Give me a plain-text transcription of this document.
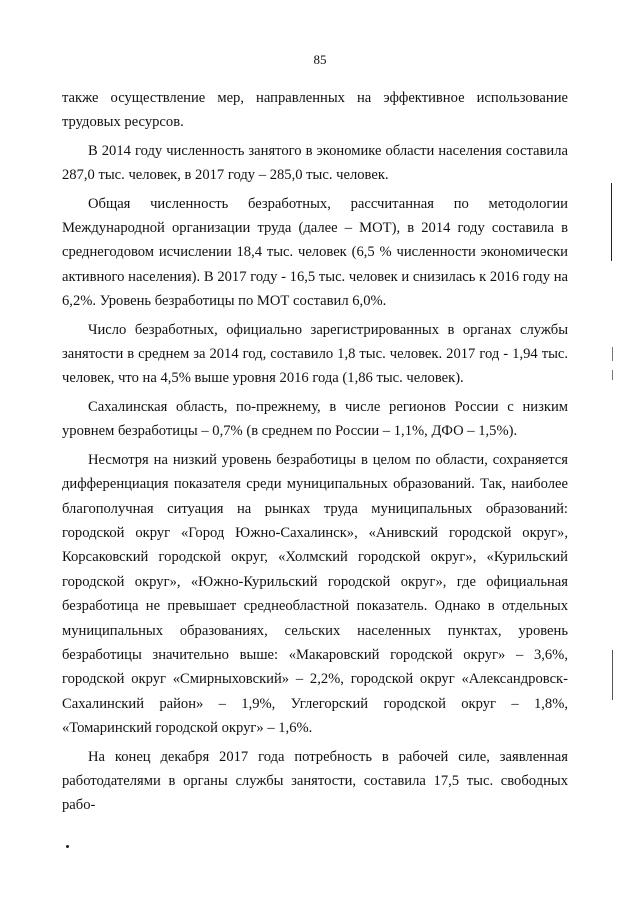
85

также осуществление мер, направленных на эффективное использование трудовых ресурсов.

В 2014 году численность занятого в экономике области населения составила 287,0 тыс. человек, в 2017 году – 285,0 тыс. человек.

Общая численность безработных, рассчитанная по методологии Международной организации труда (далее – МОТ), в 2014 году составила в среднегодовом исчислении 18,4 тыс. человек (6,5 % численности экономически активного населения). В 2017 году - 16,5 тыс. человек и снизилась к 2016 году на 6,2%. Уровень безработицы по МОТ составил 6,0%.

Число безработных, официально зарегистрированных в органах службы занятости в среднем за 2014 год, составило 1,8 тыс. человек. 2017 год - 1,94 тыс. человек, что на 4,5% выше уровня 2016 года (1,86 тыс. человек).

Сахалинская область, по-прежнему, в числе регионов России с низким уровнем безработицы – 0,7% (в среднем по России – 1,1%, ДФО – 1,5%).

Несмотря на низкий уровень безработицы в целом по области, сохраняется дифференциация показателя среди муниципальных образований. Так, наиболее благополучная ситуация на рынках труда муниципальных образований: городской округ «Город Южно-Сахалинск», «Анивский городской округ», Корсаковский городской округ, «Холмский городской округ», «Курильский городской округ», «Южно-Курильский городской округ», где официальная безработица не превышает среднеобластной показатель. Однако в отдельных муниципальных образованиях, сельских населенных пунктах, уровень безработицы значительно выше: «Макаровский городской округ» – 3,6%, городской округ «Смирныховский» – 2,2%, городской округ «Александровск-Сахалинский район» – 1,9%, Углегорский городской округ – 1,8%, «Томаринский городской округ» – 1,6%.

На конец декабря 2017 года потребность в рабочей силе, заявленная работодателями в органы службы занятости, составила 17,5 тыс. свободных рабо-
